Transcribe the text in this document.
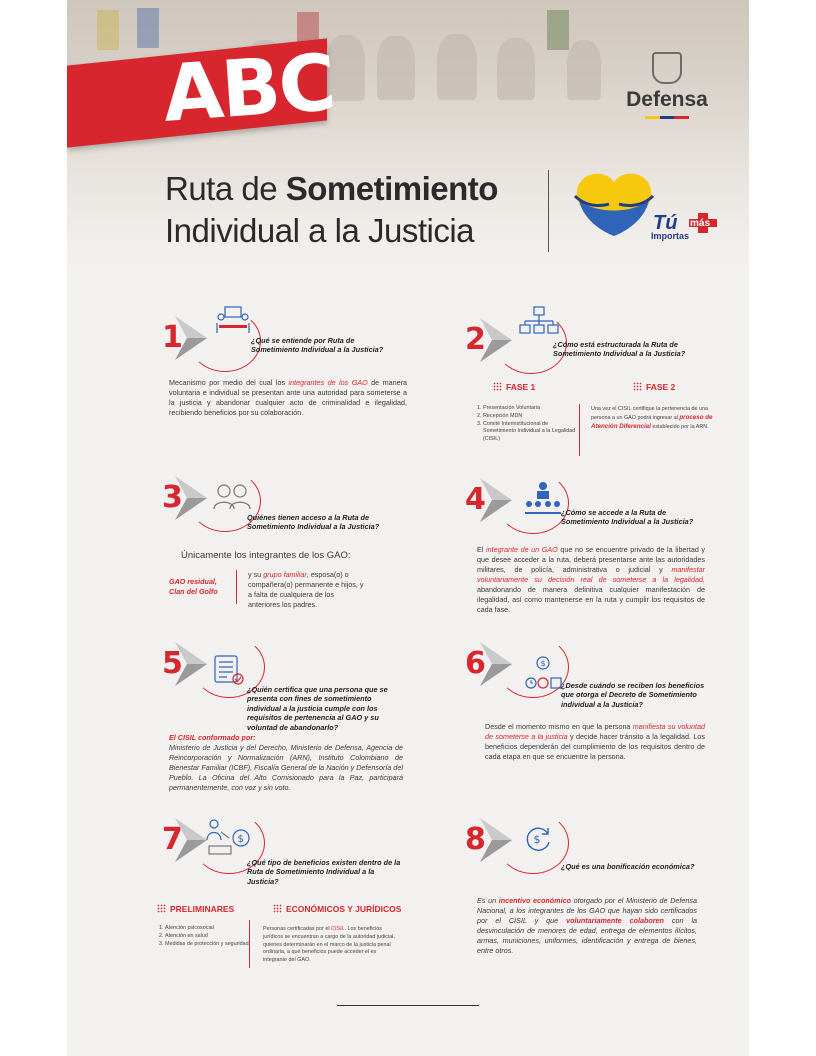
ABC	Defensa
Ruta de Sometimiento
Individual a la Justicia	Tú
Importas
más
1	¿Qué se entiende por Ruta de
Sometimiento Individual a la Justicia?
Mecanismo por medio del cual los integrantes de los GAO de manera voluntaria e individual se presentan ante una autoridad para someterse a la justicia y abandonar cualquier acto de criminalidad e ilegalidad, recibiendo beneficios por su colaboración.
2	¿Cómo está estructurada la Ruta de
Sometimiento Individual a la Justicia?
FASE 1	FASE 2
1. Presentación Voluntaria
2. Recepción MDN
3. Comité Interinstitucional de Sometimiento Individual a la Legalidad (CISIL)
Una vez el CISIL certifique la pertenencia de una persona a un GAO podrá ingresar al proceso de Atención Diferencial establecido por la ARN.
3
Quiénes tienen acceso a la Ruta de
Sometimiento Individual a la Justicia?
Únicamente los integrantes de los GAO:
GAO residual,
Clan del Golfo
y su grupo familiar, esposa(o) o compañera(o) permanente e hijos, y a falta de cualquiera de los anteriores los padres.
4	¿Cómo se accede a la Ruta de
Sometimiento Individual a la Justicia?
El integrante de un GAO que no se encuentre privado de la libertad y que desee acceder a la ruta, deberá presentarse ante las autoridades militares, de policía, administrativa o judicial y manifestar voluntariamente su decisión real de someterse a la legalidad, abandonando de manera definitiva cualquier manifestación de ilegalidad, así como mantenerse en la ruta y cumplir los requisitos de cada fase.
5
¿Quién certifica que una persona que se
presenta con fines de sometimiento
individual a la justicia cumple con los
requisitos de pertenencia al GAO y su
voluntad de abandonarlo?
El CISIL conformado por:
Ministerio de Justicia y del Derecho, Ministerio de Defensa, Agencia de Reincorporación y Normalización (ARN), Instituto Colombiano de Bienestar Familiar (ICBF), Fiscalía General de la Nación y Defensoría del Pueblo. La Oficina del Alto Comisionado para la Paz, participará permanentemente, con voz y sin voto.
6	$
¿Desde cuándo se reciben los beneficios
que otorga el Decreto de Sometimiento
individual a la Justicia?
Desde el momento mismo en que la persona manifiesta su voluntad de someterse a la justicia y decide hacer tránsito a la legalidad. Los beneficios dependerán del cumplimiento de los requisitos dentro de cada etapa en que se encuentre la persona.
7	$
¿Qué tipo de beneficios existen dentro de la
Ruta de Sometimiento Individual a la
Justicia?
PRELIMINARES	ECONÓMICOS Y JURÍDICOS
1. Atención psicosocial
2. Atención en salud
3. Medidas de protección y seguridad
Personas certificadas por el CISIL. Los beneficios jurídicos se encuentran a cargo de la autoridad judicial, quienes determinarán en el marco de la justicia penal ordinaria, a qué beneficios puede acceder el ex integrante del GAO.
8	$
¿Qué es una bonificación económica?
Es un incentivo económico otorgado por el Ministerio de Defensa Nacional, a los integrantes de los GAO que hayan sido certificados por el CISIL y que voluntariamente colaboren con la desvinculación de menores de edad, entrega de elementos ilícitos, armas, municiones, uniformes, identificación y entrega de bienes, entre otros.
